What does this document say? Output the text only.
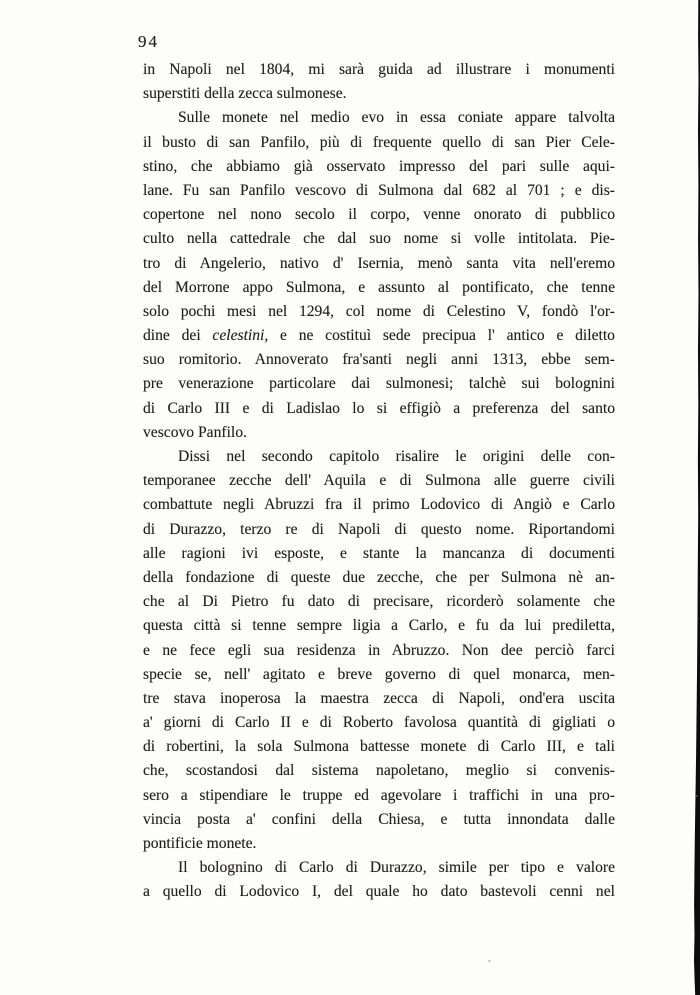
94
in Napoli nel 1804, mi sarà guida ad illustrare i monumenti
superstiti della zecca sulmonese.
Sulle monete nel medio evo in essa coniate appare talvolta
il busto di san Panfilo, più di frequente quello di san Pier Cele-
stino, che abbiamo già osservato impresso del pari sulle aqui-
lane. Fu san Panfilo vescovo di Sulmona dal 682 al 701 ; e dis-
copertone nel nono secolo il corpo, venne onorato di pubblico
culto nella cattedrale che dal suo nome si volle intitolata. Pie-
tro di Angelerio, nativo d' Isernia, menò santa vita nell'eremo
del Morrone appo Sulmona, e assunto al pontificato, che tenne
solo pochi mesi nel 1294, col nome di Celestino V, fondò l'or-
dine dei celestini, e ne costituì sede precipua l' antico e diletto
suo romitorio. Annoverato fra'santi negli anni 1313, ebbe sem-
pre venerazione particolare dai sulmonesi; talchè sui bolognini
di Carlo III e di Ladislao lo si effigiò a preferenza del santo
vescovo Panfilo.
Dissi nel secondo capitolo risalire le origini delle con-
temporanee zecche dell' Aquila e di Sulmona alle guerre civili
combattute negli Abruzzi fra il primo Lodovico di Angiò e Carlo
di Durazzo, terzo re di Napoli di questo nome. Riportandomi
alle ragioni ivi esposte, e stante la mancanza di documenti
della fondazione di queste due zecche, che per Sulmona nè an-
che al Di Pietro fu dato di precisare, ricorderò solamente che
questa città si tenne sempre ligia a Carlo, e fu da lui prediletta,
e ne fece egli sua residenza in Abruzzo. Non dee perciò farci
specie se, nell' agitato e breve governo di quel monarca, men-
tre stava inoperosa la maestra zecca di Napoli, ond'era uscita
a' giorni di Carlo II e di Roberto favolosa quantità di gigliati o
di robertini, la sola Sulmona battesse monete di Carlo III, e tali
che, scostandosi dal sistema napoletano, meglio si convenis-
sero a stipendiare le truppe ed agevolare i traffichi in una pro-
vincia posta a' confini della Chiesa, e tutta innondata dalle
pontificie monete.
Il bolognino di Carlo di Durazzo, simile per tipo e valore
a quello di Lodovico I, del quale ho dato bastevoli cenni nel
